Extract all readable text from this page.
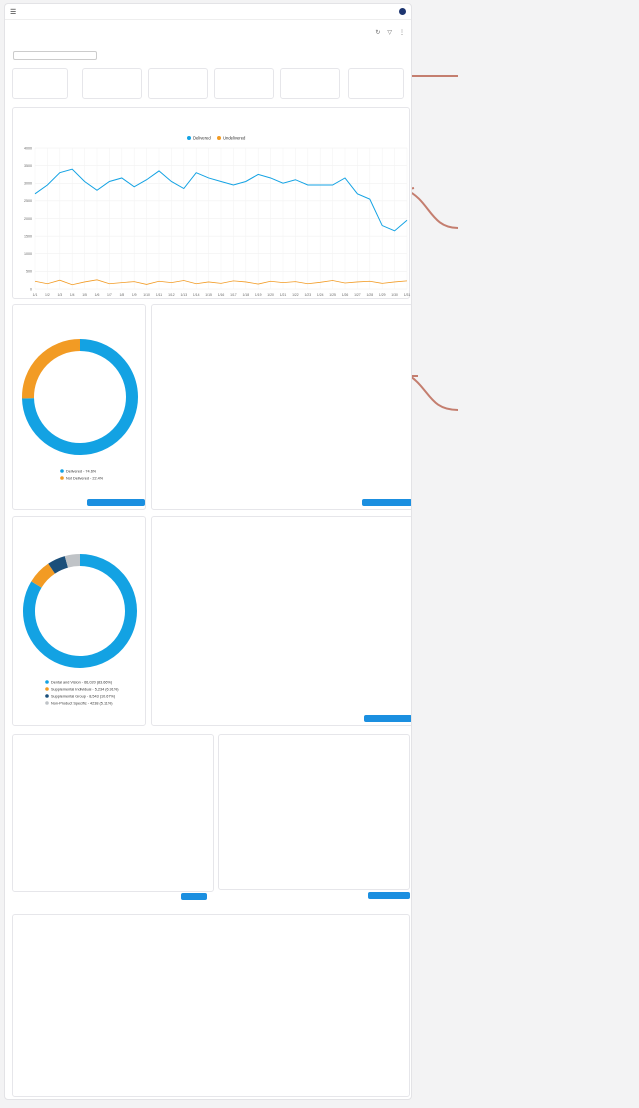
☰
↻ ▽ ⋮
Delivered	Undelivered
0
500
1000
1500
2000
2500
3000
3500
4000
1/1 1/2 1/3 1/4 1/5 1/6 1/7 1/8 1/9 1/10 1/11 1/12 1/13 1/14 1/15 1/16 1/17 1/18 1/19 1/20 1/21 1/22 1/23 1/24 1/25 1/26 1/27 1/28 1/29 1/30 1/31
Delivered - 74.6%
Not Delivered - 22.4%
Dental and Vision - 66,020 (83.66%)
Supplemental Individual - 5,234 (6.91%)
Supplemental Group - 8,543 (10.67%)
Non-Product Specific - 4238 (5.11%)
